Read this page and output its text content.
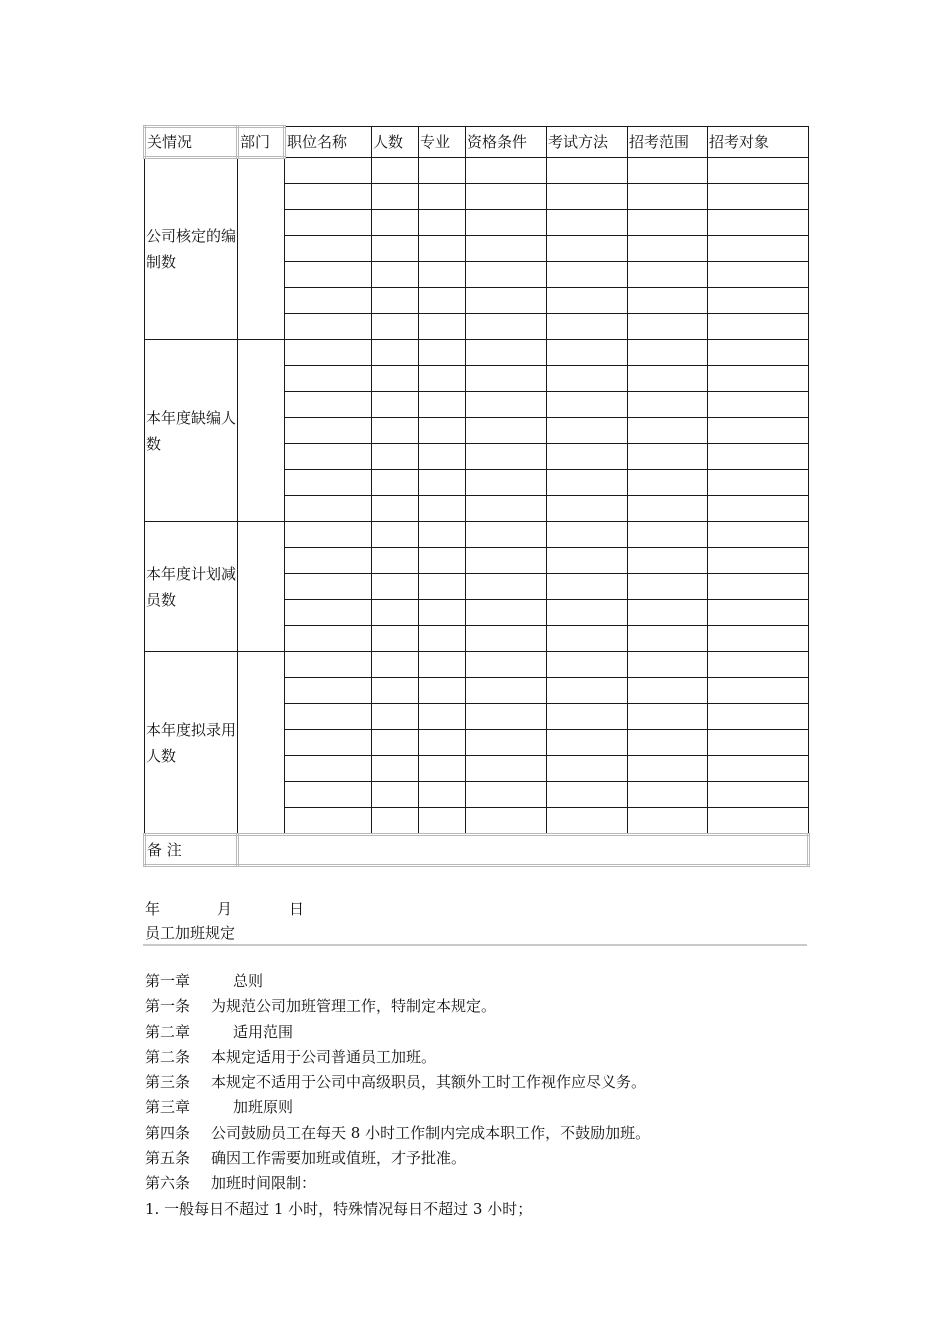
关情况	部门	职位名称	人数	专业	资格条件	考试方法	招考范围	招考对象
公司核定的编制数								

本年度缺编人数								

本年度计划减员数								

本年度拟录用人数								

备 注								
年	月	日
员工加班规定
第一章	总则
第一条 为规范公司加班管理工作，特制定本规定。
第二章	适用范围
第二条 本规定适用于公司普通员工加班。
第三条 本规定不适用于公司中高级职员，其额外工时工作视作应尽义务。
第三章	加班原则
第四条 公司鼓励员工在每天 8 小时工作制内完成本职工作，不鼓励加班。
第五条 确因工作需要加班或值班，才予批准。
第六条 加班时间限制：
1. 一般每日不超过 1 小时，特殊情况每日不超过 3 小时；
